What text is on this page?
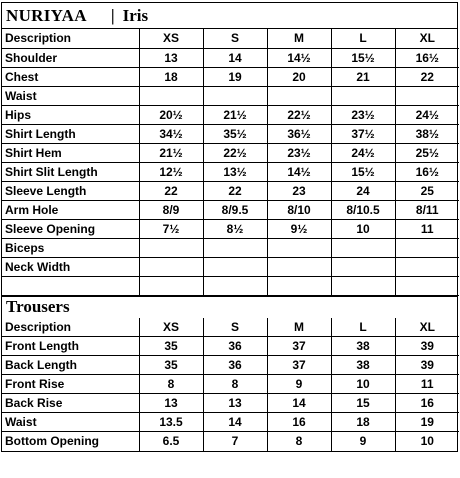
NURIYAA | Iris
Description	XS	S	M	L	XL
Shoulder	13	14	14½	15½	16½
Chest	18	19	20	21	22
Waist					
Hips	20½	21½	22½	23½	24½
Shirt Length	34½	35½	36½	37½	38½
Shirt Hem	21½	22½	23½	24½	25½
Shirt Slit Length	12½	13½	14½	15½	16½
Sleeve Length	22	22	23	24	25
Arm Hole	8/9	8/9.5	8/10	8/10.5	8/11
Sleeve Opening	7½	8½	9½	10	11
Biceps					
Neck Width					

Trousers
Description	XS	S	M	L	XL
Front Length	35	36	37	38	39
Back Length	35	36	37	38	39
Front Rise	8	8	9	10	11
Back Rise	13	13	14	15	16
Waist	13.5	14	16	18	19
Bottom Opening	6.5	7	8	9	10
